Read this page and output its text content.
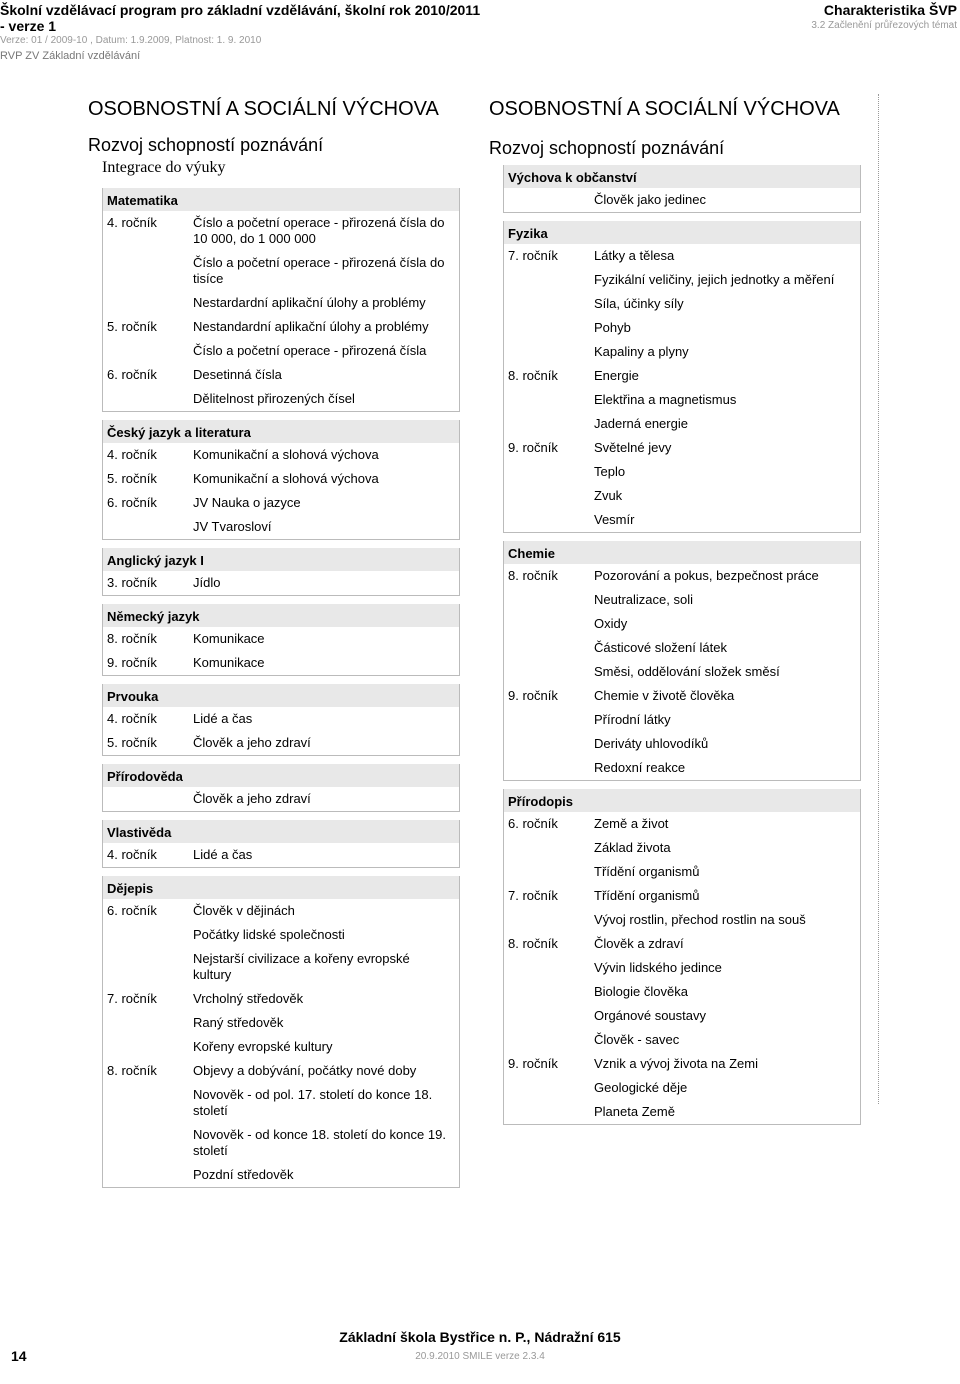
Školní vzdělávací program pro základní vzdělávání, školní rok 2010/2011
- verze 1
Verze: 01 / 2009-10 , Datum: 1.9.2009, Platnost: 1. 9. 2010
RVP ZV Základní vzdělávání
Charakteristika ŠVP
3.2 Začlenění průřezových témat
OSOBNOSTNÍ A SOCIÁLNÍ VÝCHOVA
Rozvoj schopností poznávání
Integrace do výuky
Matematika
4. ročník	Číslo a početní operace - přirozená čísla do 10 000, do 1 000 000
Číslo a početní operace - přirozená čísla do tisíce
Nestardardní aplikační úlohy a problémy
5. ročník	Nestandardní aplikační úlohy a problémy
Číslo a početní operace - přirozená čísla
6. ročník	Desetinná čísla
Dělitelnost přirozených čísel
Český jazyk a literatura
4. ročník	Komunikační a slohová výchova
5. ročník	Komunikační a slohová výchova
6. ročník	JV Nauka o jazyce
JV Tvarosloví
Anglický jazyk I
3. ročník	Jídlo
Německý jazyk
8. ročník	Komunikace
9. ročník	Komunikace
Prvouka
4. ročník	Lidé a čas
5. ročník	Člověk a jeho zdraví
Přírodověda
Člověk a jeho zdraví
Vlastivěda
4. ročník	Lidé a čas
Dějepis
6. ročník	Člověk v dějinách
Počátky lidské společnosti
Nejstarší civilizace a kořeny evropské kultury
7. ročník	Vrcholný středověk
Raný středověk
Kořeny evropské kultury
8. ročník	Objevy a dobývání, počátky nové doby
Novověk - od pol. 17. století do konce 18. století
Novověk - od konce 18. století do konce 19. století
Pozdní středověk
OSOBNOSTNÍ A SOCIÁLNÍ VÝCHOVA
Rozvoj schopností poznávání
Výchova k občanství
Člověk jako jedinec
Fyzika
7. ročník	Látky a tělesa
Fyzikální veličiny, jejich jednotky a měření
Síla, účinky síly
Pohyb
Kapaliny a plyny
8. ročník	Energie
Elektřina a magnetismus
Jaderná energie
9. ročník	Světelné jevy
Teplo
Zvuk
Vesmír
Chemie
8. ročník	Pozorování a pokus, bezpečnost práce
Neutralizace, soli
Oxidy
Částicové složení látek
Směsi, oddělování složek směsí
9. ročník	Chemie v životě člověka
Přírodní látky
Deriváty uhlovodíků
Redoxní reakce
Přírodopis
6. ročník	Země a život
Základ života
Třídění organismů
7. ročník	Třídění organismů
Vývoj rostlin, přechod rostlin na souš
8. ročník	Člověk a zdraví
Vývin lidského jedince
Biologie člověka
Orgánové soustavy
Člověk - savec
9. ročník	Vznik a vývoj života na Zemi
Geologické děje
Planeta Země
Základní škola Bystřice n. P., Nádražní 615
14	20.9.2010 SMILE verze 2.3.4
